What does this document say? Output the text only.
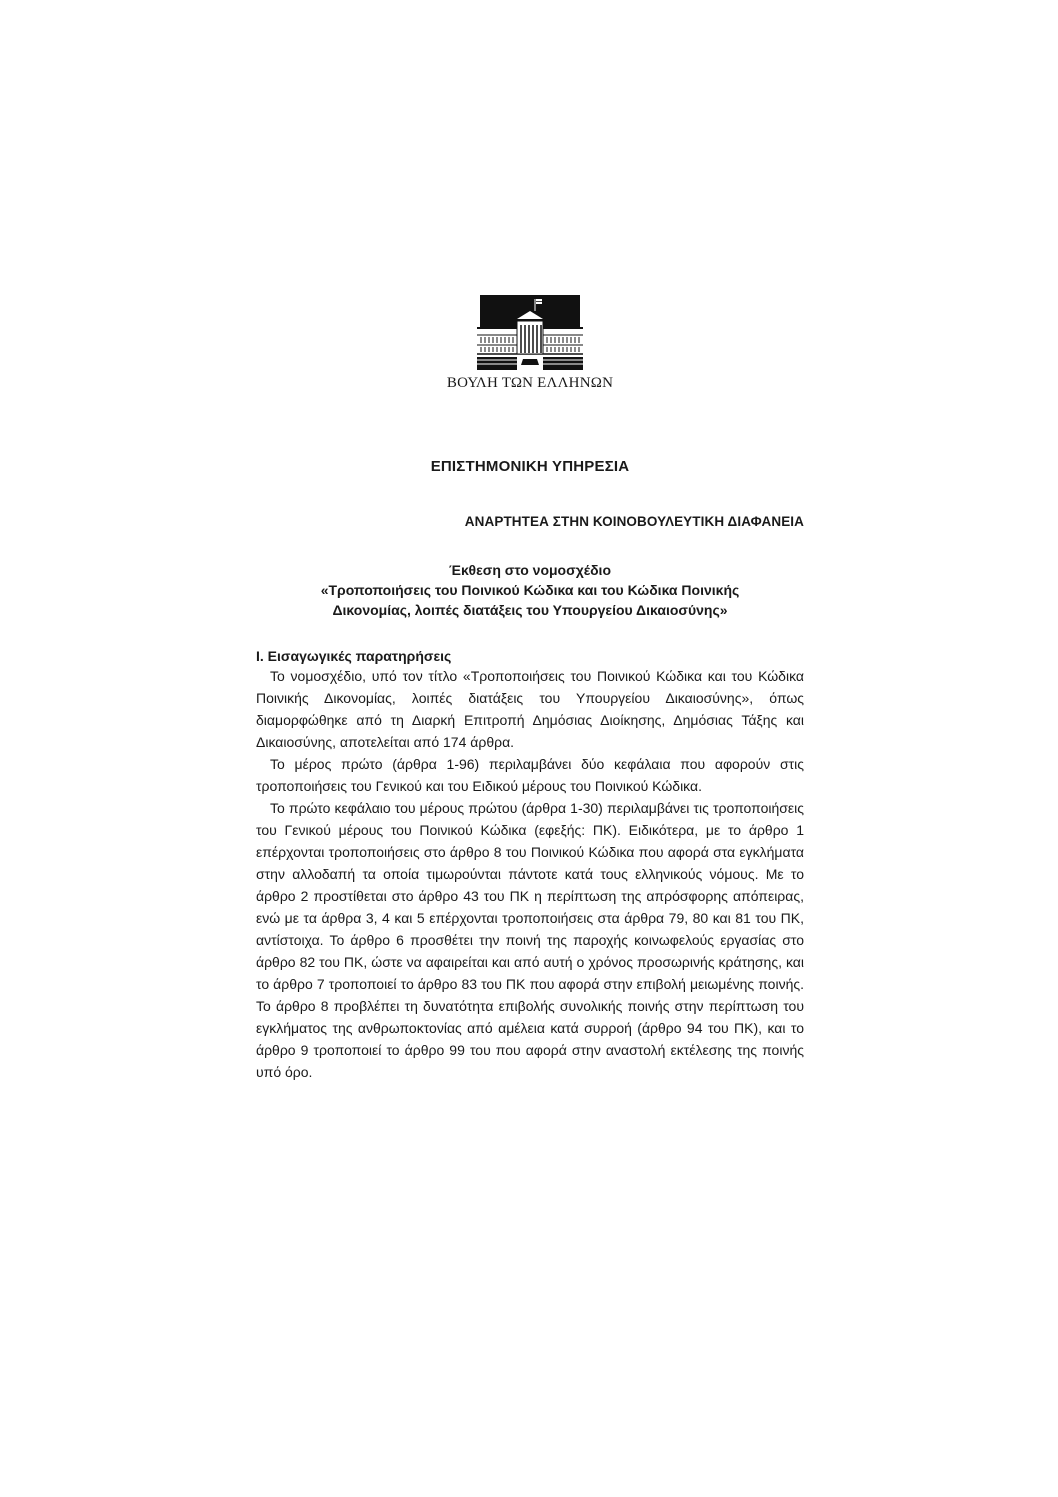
ΒΟΥΛΗ ΤΩΝ ΕΛΛΗΝΩΝ
ΕΠΙΣΤΗΜΟΝΙΚΗ ΥΠΗΡΕΣΙΑ
ΑΝΑΡΤΗΤΕΑ ΣΤΗΝ ΚΟΙΝΟΒΟΥΛΕΥΤΙΚΗ ΔΙΑΦΑΝΕΙΑ
Έκθεση στο νομοσχέδιο
«Τροποποιήσεις του Ποινικού Κώδικα και του Κώδικα Ποινικής
Δικονομίας, λοιπές διατάξεις του Υπουργείου Δικαιοσύνης»
Ι. Εισαγωγικές παρατηρήσεις

Το νομοσχέδιο, υπό τον τίτλο «Τροποποιήσεις του Ποινικού Κώδικα και του Κώδικα Ποινικής Δικονομίας, λοιπές διατάξεις του Υπουργείου Δικαιοσύνης», όπως διαμορφώθηκε από τη Διαρκή Επιτροπή Δημόσιας Διοίκησης, Δημόσιας Τάξης και Δικαιοσύνης, αποτελείται από 174 άρθρα.

Το μέρος πρώτο (άρθρα 1-96) περιλαμβάνει δύο κεφάλαια που αφορούν στις τροποποιήσεις του Γενικού και του Ειδικού μέρους του Ποινικού Κώδικα.

Το πρώτο κεφάλαιο του μέρους πρώτου (άρθρα 1-30) περιλαμβάνει τις τροποποιήσεις του Γενικού μέρους του Ποινικού Κώδικα (εφεξής: ΠΚ). Ειδικότερα, με το άρθρο 1 επέρχονται τροποποιήσεις στο άρθρο 8 του Ποινικού Κώδικα που αφορά στα εγκλήματα στην αλλοδαπή τα οποία τιμωρούνται πάντοτε κατά τους ελληνικούς νόμους. Με το άρθρο 2 προστίθεται στο άρθρο 43 του ΠΚ η περίπτωση της απρόσφορης απόπειρας, ενώ με τα άρθρα 3, 4 και 5 επέρχονται τροποποιήσεις στα άρθρα 79, 80 και 81 του ΠΚ, αντίστοιχα. Το άρθρο 6 προσθέτει την ποινή της παροχής κοινωφελούς εργασίας στο άρθρο 82 του ΠΚ, ώστε να αφαιρείται και από αυτή ο χρόνος προσωρινής κράτησης, και το άρθρο 7 τροποποιεί το άρθρο 83 του ΠΚ που αφορά στην επιβολή μειωμένης ποινής. Το άρθρο 8 προβλέπει τη δυνατότητα επιβολής συνολικής ποινής στην περίπτωση του εγκλήματος της ανθρωποκτονίας από αμέλεια κατά συρροή (άρθρο 94 του ΠΚ), και το άρθρο 9 τροποποιεί το άρθρο 99 του που αφορά στην αναστολή εκτέλεσης της ποινής υπό όρο.
